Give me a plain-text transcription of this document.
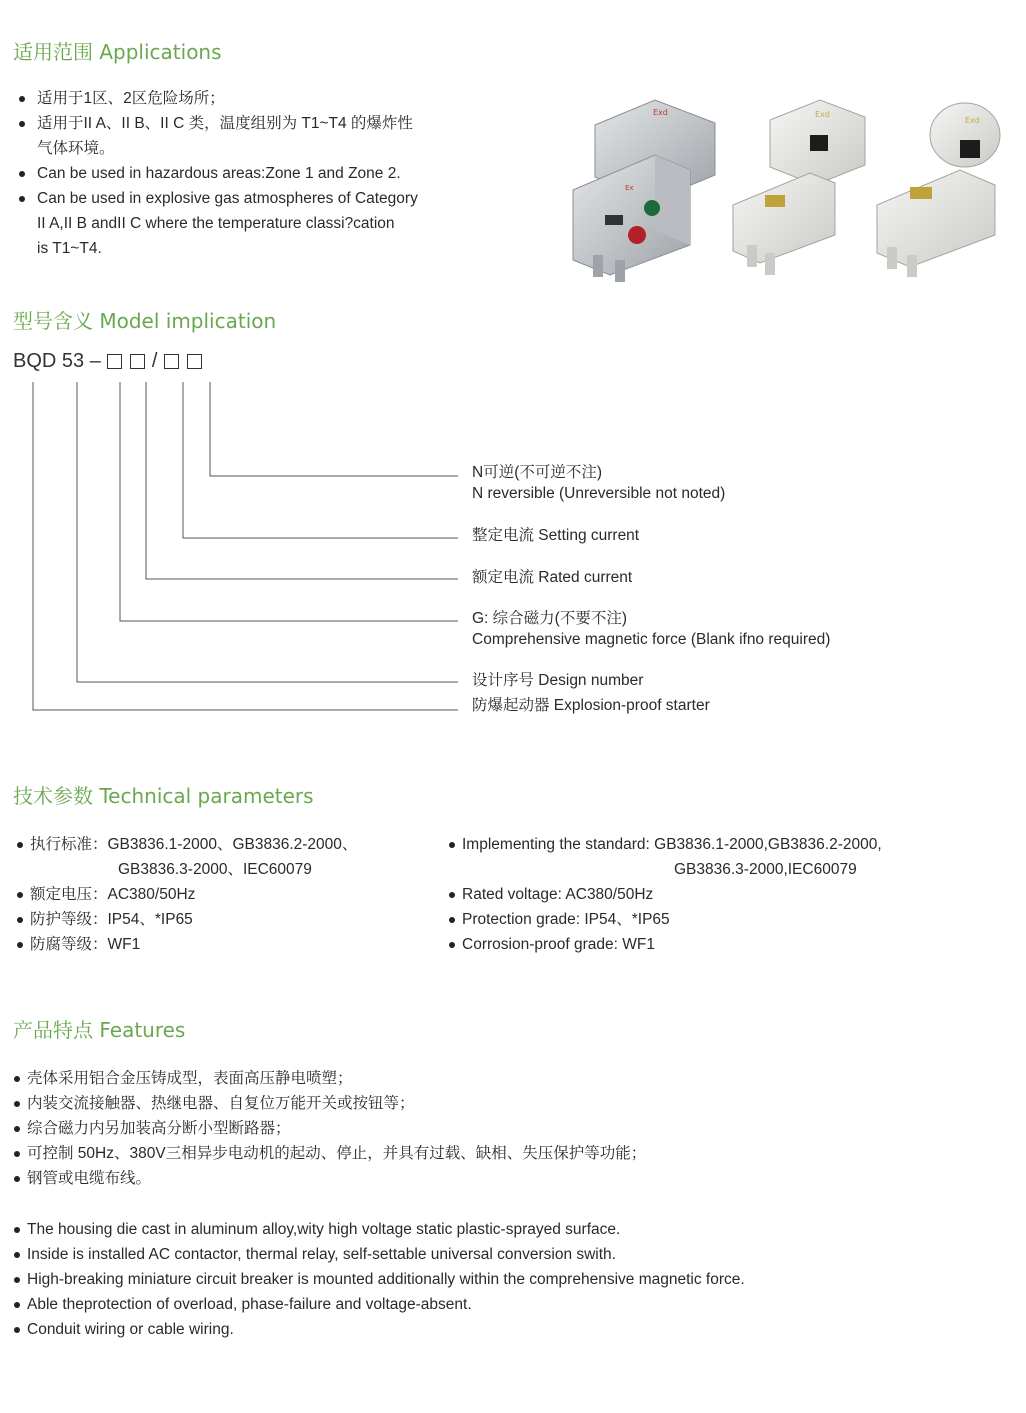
适用范围 Applications
适用于1区、2区危险场所；
适用于II A、II B、II C 类，温度组别为 T1~T4 的爆炸性
气体环境。
Can be used in hazardous areas:Zone 1 and Zone 2.
Can be used in explosive gas atmospheres of Category
II A,II B andII C where the temperature classi?cation
is T1~T4.
Exd
Ex
Exd
Exd
型号含义 Model implication
BQD 53 –	/
N可逆(不可逆不注)
N reversible (Unreversible not noted)
整定电流 Setting current
额定电流 Rated current
G: 综合磁力(不要不注)
Comprehensive magnetic force (Blank ifno required)
设计序号 Design number
防爆起动器 Explosion-proof starter
技术参数 Technical parameters
执行标准：GB3836.1-2000、GB3836.2-2000、
GB3836.3-2000、IEC60079
额定电压：AC380/50Hz
防护等级：IP54、*IP65
防腐等级：WF1
Implementing the standard: GB3836.1-2000,GB3836.2-2000,
GB3836.3-2000,IEC60079
Rated voltage: AC380/50Hz
Protection grade: IP54、*IP65
Corrosion-proof grade: WF1
产品特点 Features
壳体采用铝合金压铸成型，表面高压静电喷塑；
内装交流接触器、热继电器、自复位万能开关或按钮等；
综合磁力内另加装高分断小型断路器；
可控制 50Hz、380V三相异步电动机的起动、停止，并具有过载、缺相、失压保护等功能；
钢管或电缆布线。
The housing die cast in aluminum alloy,wity high voltage static plastic-sprayed surface.
Inside is installed AC contactor, thermal relay, self-settable universal conversion swith.
High-breaking miniature circuit breaker is mounted additionally within the comprehensive magnetic force.
Able theprotection of overload, phase-failure and voltage-absent.
Conduit wiring or cable wiring.
